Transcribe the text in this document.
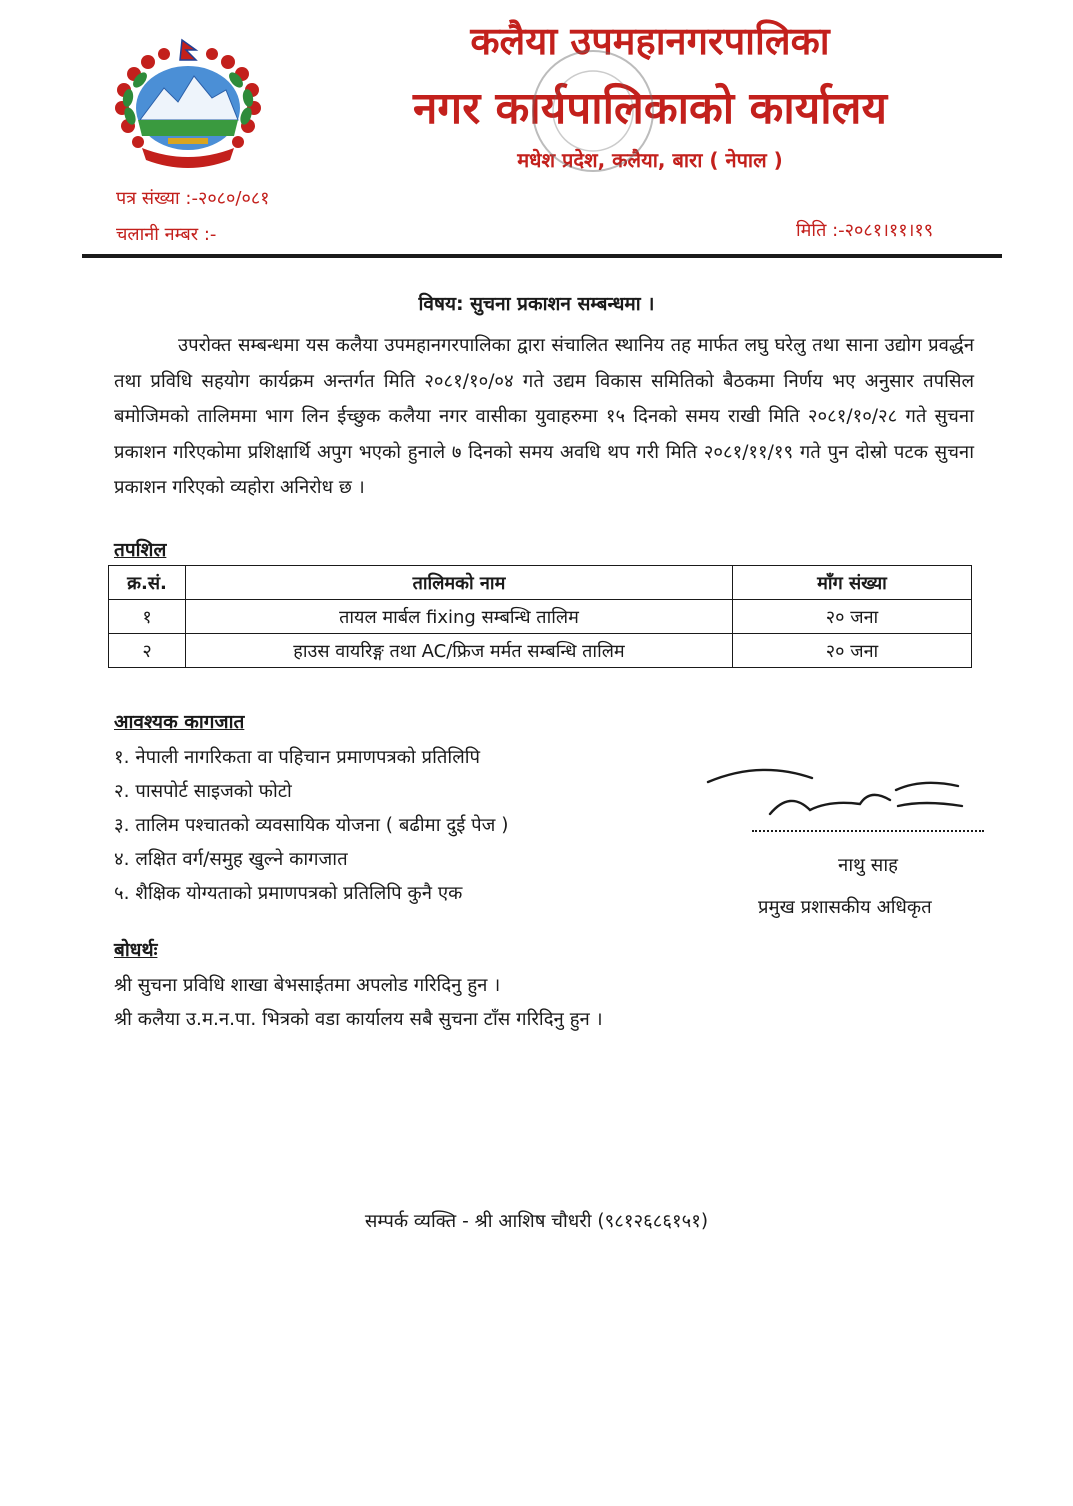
कलैया उपमहानगरपालिका
नगर कार्यपालिकाको कार्यालय
मधेश प्रदेश, कलैया, बारा ( नेपाल )
पत्र संख्या :-२०८०/०८१
चलानी नम्बर :-	मिति :-२०८१।११।१९
विषय: सुचना प्रकाशन सम्बन्धमा ।

उपरोक्त सम्बन्धमा यस कलैया उपमहानगरपालिका द्वारा संचालित स्थानिय तह मार्फत लघु घरेलु तथा साना उद्योग प्रवर्द्धन तथा प्रविधि सहयोग कार्यक्रम अन्तर्गत मिति २०८१/१०/०४ गते उद्यम विकास समितिको बैठकमा निर्णय भए अनुसार तपसिल बमोजिमको तालिममा भाग लिन ईच्छुक कलैया नगर वासीका युवाहरुमा १५ दिनको समय राखी मिति २०८१/१०/२८ गते सुचना प्रकाशन गरिएकोमा प्रशिक्षार्थि अपुग भएको हुनाले ७ दिनको समय अवधि थप गरी मिति २०८१/११/१९ गते पुन दोस्रो पटक सुचना प्रकाशन गरिएको व्यहोरा अनिरोध छ ।

तपशिल
क्र.सं.	तालिमको नाम	माँग संख्या
१	तायल मार्बल fixing सम्बन्धि तालिम	२० जना
२	हाउस वायरिङ्ग तथा AC/फ्रिज मर्मत सम्बन्धि तालिम	२० जना
आवश्यक कागजात
१. नेपाली नागरिकता वा पहिचान प्रमाणपत्रको प्रतिलिपि
२. पासपोर्ट साइजको फोटो
३. तालिम पश्चातको व्यवसायिक योजना ( बढीमा दुई पेज )
४. लक्षित वर्ग/समुह खुल्ने कागजात
५. शैक्षिक योग्यताको प्रमाणपत्रको प्रतिलिपि कुनै एक
नाथु साह
प्रमुख प्रशासकीय अधिकृत
बोधर्थः
श्री सुचना प्रविधि शाखा बेभसाईतमा अपलोड गरिदिनु हुन ।
श्री कलैया उ.म.न.पा. भित्रको वडा कार्यालय सबै सुचना टाँस गरिदिनु हुन ।
सम्पर्क व्यक्ति - श्री आशिष चौधरी (९८१२६८६१५१)
